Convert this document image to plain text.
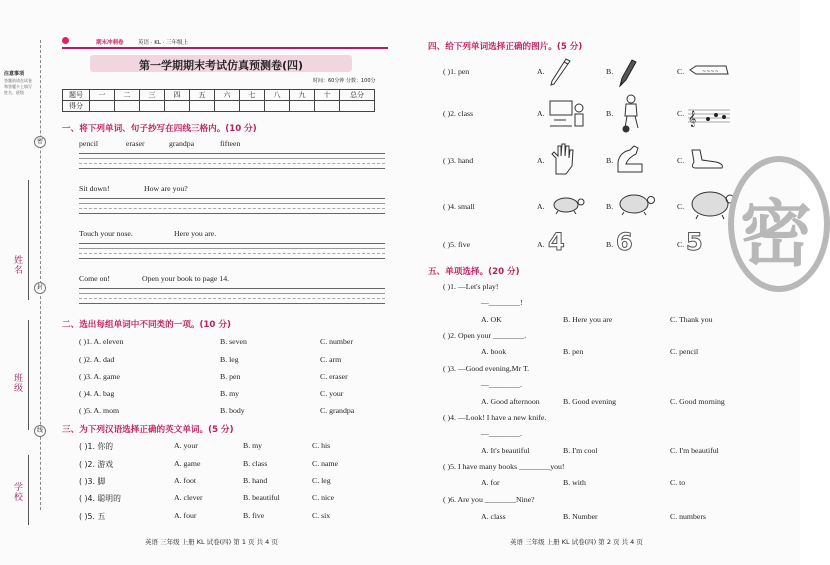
注意事项
答题前请在试卷和答题卡上填写姓名、班级
密
封
线
姓名
班级
学校
期末冲刺卷	英语 · KL · 三年级上
第一学期期末考试仿真预测卷(四)
时间：60分钟 分数：100分
题号	一	二	三	四	五	六	七	八	九	十	总分
得分											
一、将下列单词、句子抄写在四线三格内。(10 分)
pencil	eraser	grandpa	fifteen
Sit down!	How are you?
Touch your nose.	Here you are.
Come on!	Open your book to page 14.
二、选出每组单词中不同类的一项。(10 分)
( )1. A. eleven	B. seven	C. number
( )2. A. dad	B. leg	C. arm
( )3. A. game	B. pen	C. eraser
( )4. A. bag	B. my	C. your
( )5. A. mom	B. body	C. grandpa
三、为下列汉语选择正确的英文单词。(5 分)
( )1. 你的	A. your	B. my	C. his
( )2. 游戏	A. game	B. class	C. name
( )3. 脚	A. foot	B. hand	C. leg
( )4. 聪明的	A. clever	B. beautiful	C. nice
( )5. 五	A. four	B. five	C. six
英语 三年级 上册 KL 试卷(四) 第 1 页 共 4 页	英语 三年级 上册 KL 试卷(四) 第 2 页 共 4 页
四、给下列单词选择正确的图片。(5 分)
( )1. pen	A.	B.	C.
( )2. class	A.	B.	C.
( )3. hand	A.	B.	C.
( )4. small	A.	B.	C.
( )5. five	A.	B.	C.
~~~~
𝄞
4 6 5
五、单项选择。(20 分)
( )1. —Let's play!
—________!
A. OK	B. Here you are	C. Thank you
( )2. Open your ________.
A. book	B. pen	C. pencil
( )3. —Good evening,Mr T.
—________.
A. Good afternoon	B. Good evening	C. Good morning
( )4. —Look! I have a new knife.
—________.
A. It's beautiful	B. I'm cool	C. I'm beautiful
( )5. I have many books ________you!
A. for	B. with	C. to
( )6. Are you ________Nine?
A. class	B. Number	C. numbers
密
